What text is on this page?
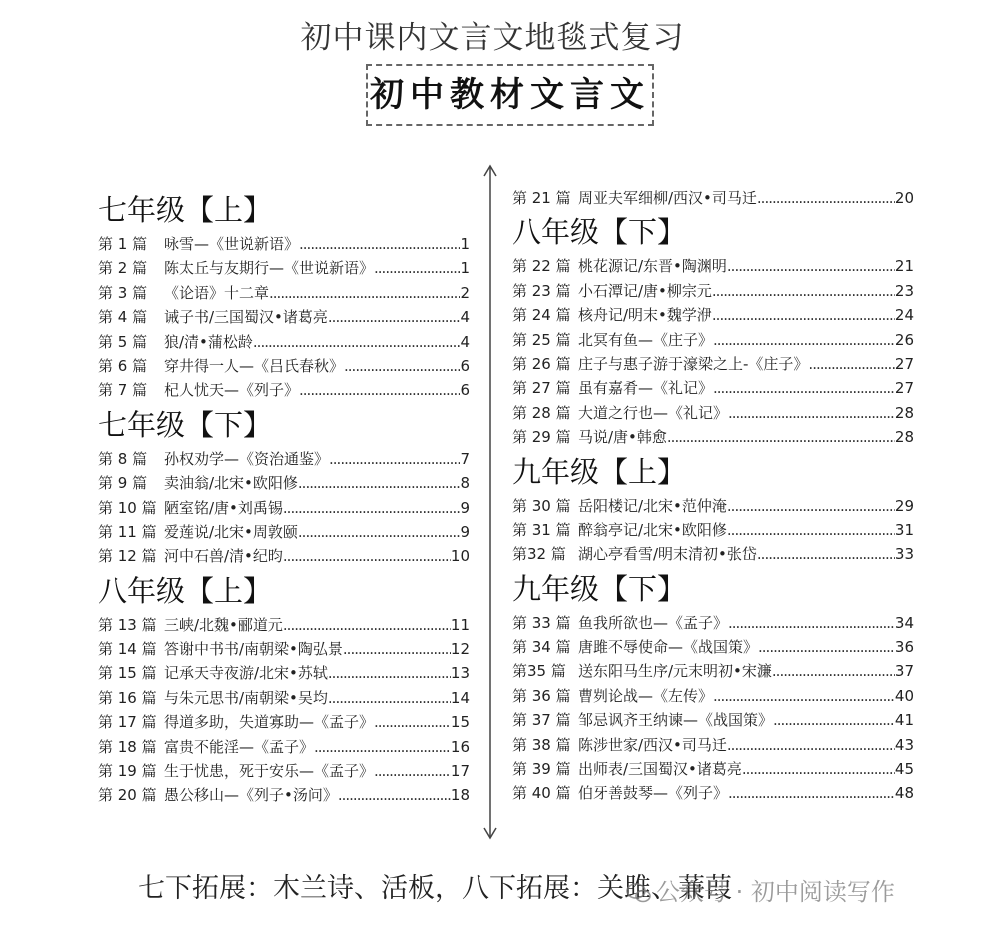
初中课内文言文地毯式复习
初中教材文言文
七年级【上】
第 1 篇	咏雪—《世说新语》 .....	1
第 2 篇	陈太丘与友期行—《世说新语》 .....	1
第 3 篇	《论语》十二章 .....	2
第 4 篇	诫子书/三国蜀汉•诸葛亮 .....	4
第 5 篇	狼/清•蒲松龄 .....	4
第 6 篇	穿井得一人—《吕氏春秋》 .....	6
第 7 篇	杞人忧天—《列子》 .....	6
七年级【下】
第 8 篇	孙权劝学—《资治通鉴》 .....	7
第 9 篇	卖油翁/北宋•欧阳修 .....	8
第 10 篇 陋室铭/唐•刘禹锡 .....	9
第 11 篇 爱莲说/北宋•周敦颐 .....	9
第 12 篇 河中石兽/清•纪昀 .....	10
八年级【上】
第 13 篇 三峡/北魏•郦道元 .....	11
第 14 篇 答谢中书书/南朝梁•陶弘景 .....	12
第 15 篇 记承天寺夜游/北宋•苏轼 .....	13
第 16 篇 与朱元思书/南朝梁•吴均 .....	14
第 17 篇 得道多助，失道寡助—《孟子》 .....	15
第 18 篇 富贵不能淫—《孟子》 .....	16
第 19 篇 生于忧患，死于安乐—《孟子》 .....	17
第 20 篇 愚公移山—《列子•汤问》 .....	18
第 21 篇 周亚夫军细柳/西汉•司马迁 .....	20
八年级【下】
第 22 篇 桃花源记/东晋•陶渊明 .....	21
第 23 篇 小石潭记/唐•柳宗元 .....	23
第 24 篇 核舟记/明末•魏学洢 .....	24
第 25 篇 北冥有鱼—《庄子》 .....	26
第 26 篇 庄子与惠子游于濠梁之上-《庄子》 .....	27
第 27 篇 虽有嘉肴—《礼记》 .....	27
第 28 篇 大道之行也—《礼记》 .....	28
第 29 篇 马说/唐•韩愈 .....	28
九年级【上】
第 30 篇 岳阳楼记/北宋•范仲淹 .....	29
第 31 篇 醉翁亭记/北宋•欧阳修 .....	31
第32 篇 湖心亭看雪/明末清初•张岱 .....	33
九年级【下】
第 33 篇 鱼我所欲也—《孟子》 .....	34
第 34 篇 唐雎不辱使命—《战国策》 .....	36
第35 篇 送东阳马生序/元末明初•宋濂 .....	37
第 36 篇 曹刿论战—《左传》 .....	40
第 37 篇 邹忌讽齐王纳谏—《战国策》 .....	41
第 38 篇 陈涉世家/西汉•司马迁 .....	43
第 39 篇 出师表/三国蜀汉•诸葛亮 .....	45
第 40 篇 伯牙善鼓琴—《列子》 .....	48
七下拓展：木兰诗、活板，八下拓展：关雎、蒹葭
公众号 · 初中阅读写作
